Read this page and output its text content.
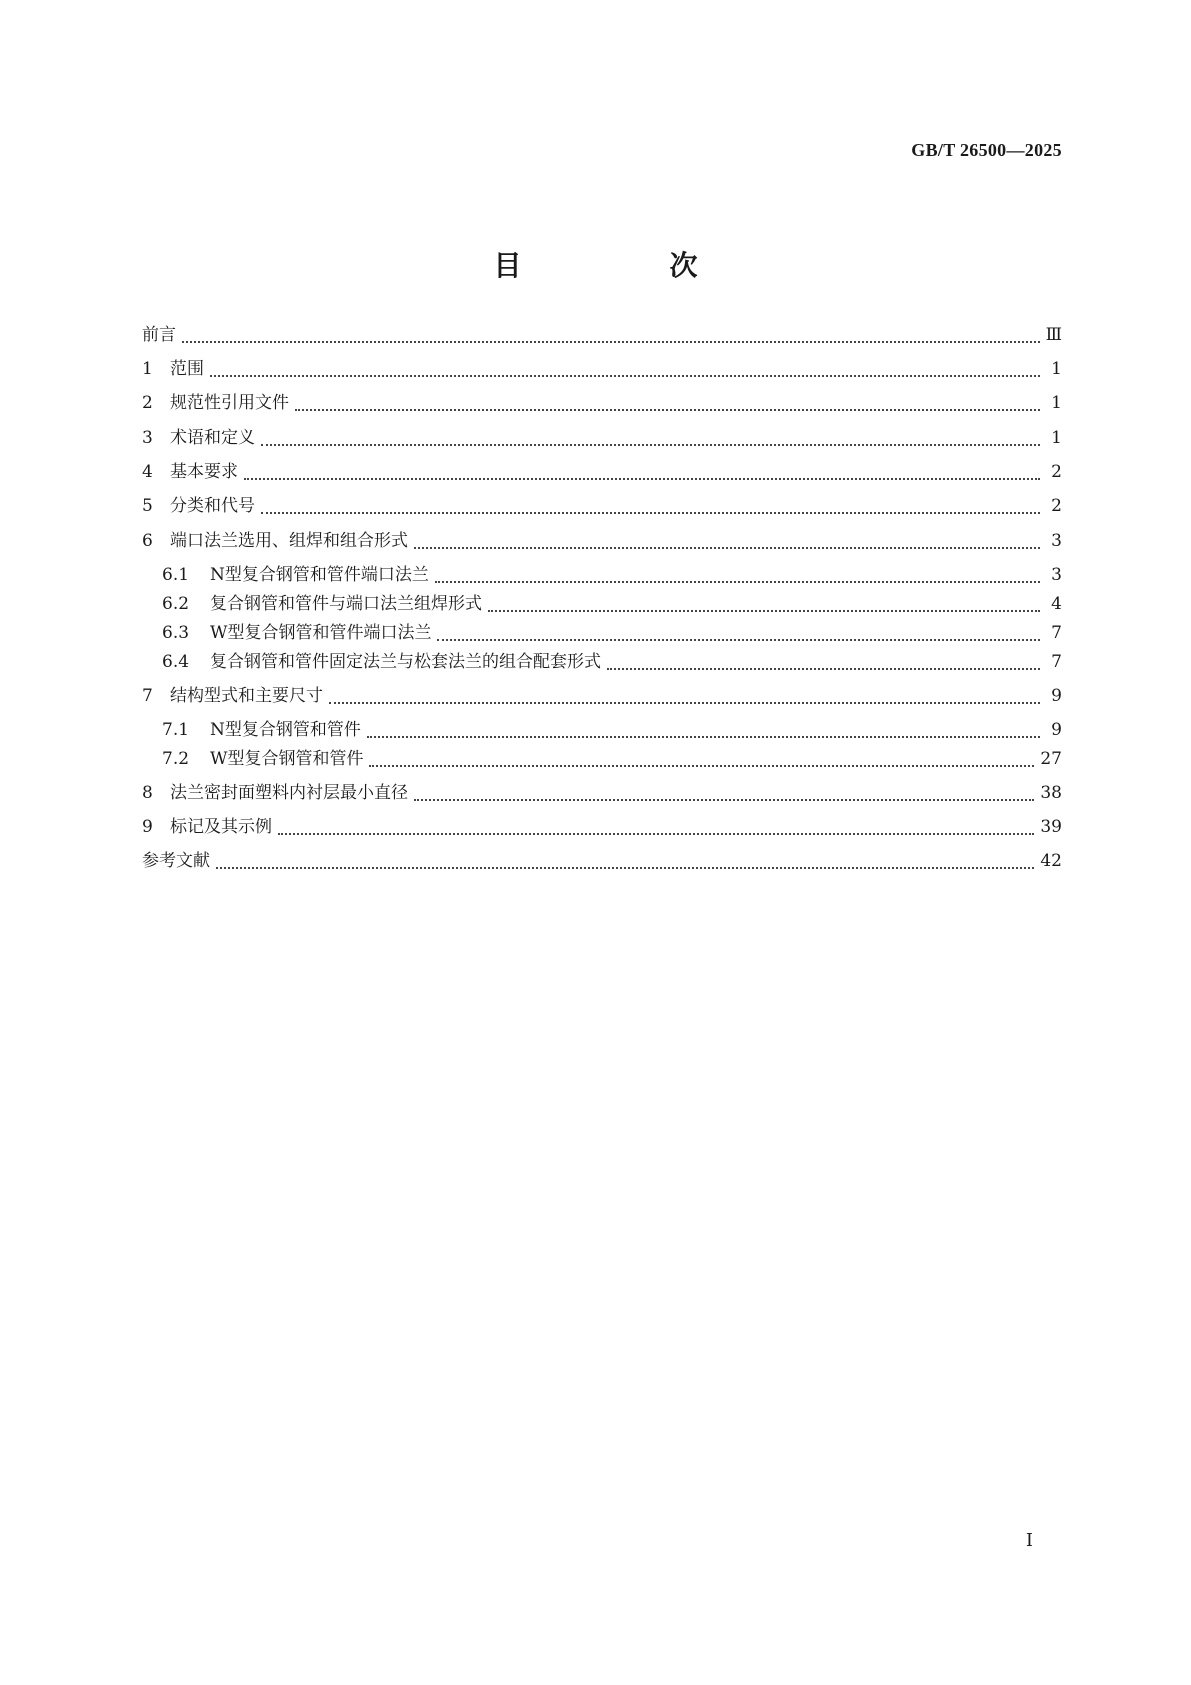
GB/T 26500—2025
目　次
前言	Ⅲ
1	范围	1
2	规范性引用文件	1
3	术语和定义	1
4	基本要求	2
5	分类和代号	2
6	端口法兰选用、组焊和组合形式	3
6.1	N型复合钢管和管件端口法兰	3
6.2	复合钢管和管件与端口法兰组焊形式	4
6.3	W型复合钢管和管件端口法兰	7
6.4	复合钢管和管件固定法兰与松套法兰的组合配套形式	7
7	结构型式和主要尺寸	9
7.1	N型复合钢管和管件	9
7.2	W型复合钢管和管件	27
8	法兰密封面塑料内衬层最小直径	38
9	标记及其示例	39
参考文献	42
I
